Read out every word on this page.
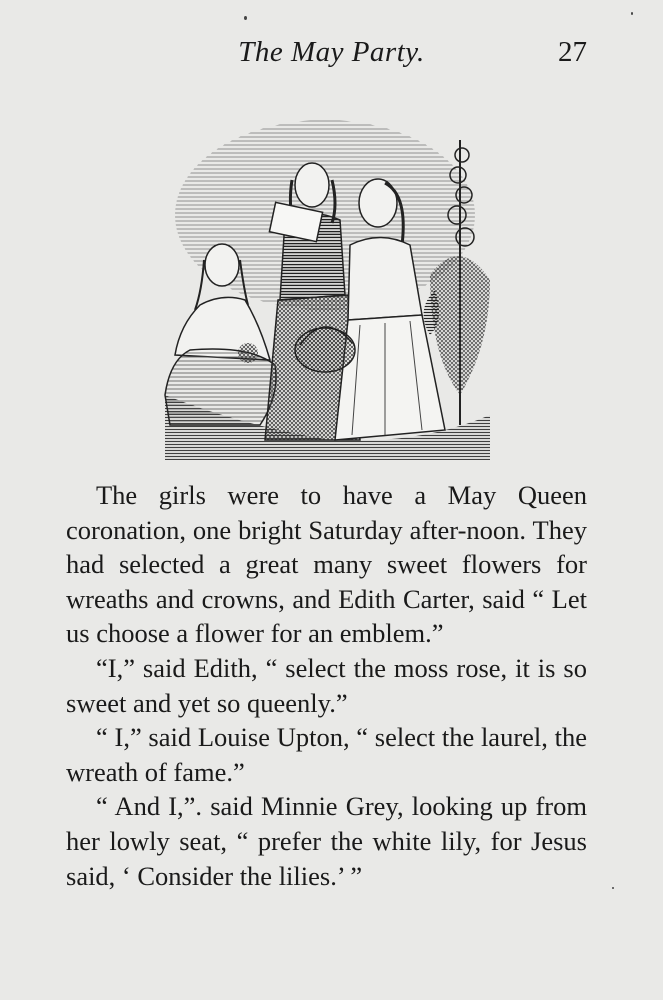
The May Party.	27

The girls were to have a May Queen coronation, one bright Saturday after-noon. They had selected a great many sweet flowers for wreaths and crowns, and Edith Carter, said “ Let us choose a flower for an emblem.”

“I,” said Edith, “ select the moss rose, it is so sweet and yet so queenly.”

“ I,” said Louise Upton, “ select the laurel, the wreath of fame.”

“ And I,”. said Minnie Grey, looking up from her lowly seat, “ prefer the white lily, for Jesus said, ‘ Consider the lilies.’ ”
